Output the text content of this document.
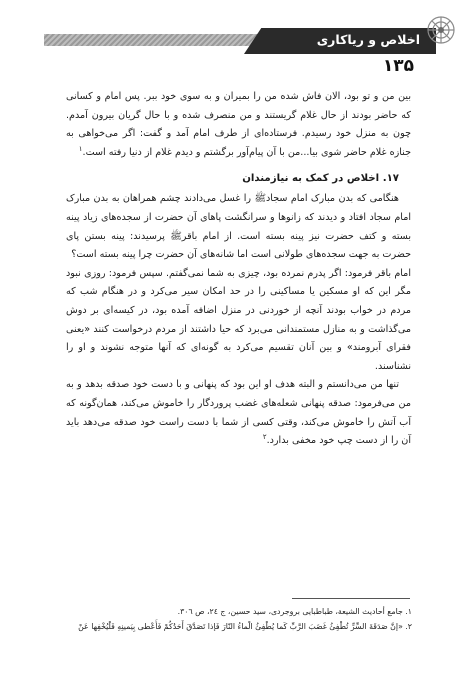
اخلاص و ریاکاری
۱۳۵

بین من و تو بود، الان فاش شده من را بمیران و به سوی خود ببر. پس امام و کسانی که حاضر بودند از حال غلام گریستند و من منصرف شده و با حال گریان بیرون آمدم. چون به منزل خود رسیدم. فرستاده‌ای از طرف امام آمد و گفت: اگر می‌خواهی به جنازه غلام حاضر شوی بیا...من با آن پیام‌آور برگشتم و دیدم غلام از دنیا رفته است.$^۱$

۱۷. اخلاص در کمک به نیازمندان

هنگامی که بدن مبارک امام سجادﷺ را غسل می‌دادند چشم همراهان به بدن مبارک امام سجاد افتاد و دیدند که زانوها و سرانگشت پاهای آن حضرت از سجده‌های زیاد پینه بسته و کتف حضرت نیز پینه بسته است. از امام باقرﷺ پرسیدند: پینه بستن پای حضرت به جهت سجده‌های طولانی است اما شانه‌های آن حضرت چرا پینه بسته است؟

امام باقر فرمود: اگر پدرم نمرده بود، چیزی به شما نمی‌گفتم. سپس فرمود: روزی نبود مگر این که او مسکین یا مساکینی را در حد امکان سیر می‌کرد و در هنگام شب که مردم در خواب بودند آنچه از خوردنی در منزل اضافه آمده بود، در کیسه‌ای بر دوش می‌گذاشت و به منازل مستمندانی می‌برد که حیا داشتند از مردم درخواست کنند «یعنی فقرای آبرومند» و بین آنان تقسیم می‌کرد به گونه‌ای که آنها متوجه نشوند و او را نشناسند.

تنها من می‌دانستم و البته هدف او این بود که پنهانی و با دست خود صدقه بدهد و به من می‌فرمود: صدقه پنهانی شعله‌های غضب پروردگار را خاموش می‌کند، همان‌گونه که آب آتش را خاموش می‌کند، وقتی کسی از شما با دست راست خود صدقه می‌دهد باید آن را از دست چپ خود مخفی بدارد.$^۲$

۱. جامع أحادیث الشیعة، طباطبایی بروجردی، سید حسین، ج ۲٤، ص ۳۰٦.
۲. «إنَّ صَدَقَةَ السِّرِّ تُطْفِئُ غَضَبَ الرَّبِّ كَما يُطْفِئُ الْماءُ النّارَ فَإذا تَصَدَّقَ أَحَدُكُمْ فَأَعْطى بِيَمينِهِ فَلْيُخْفِها عَنْ
